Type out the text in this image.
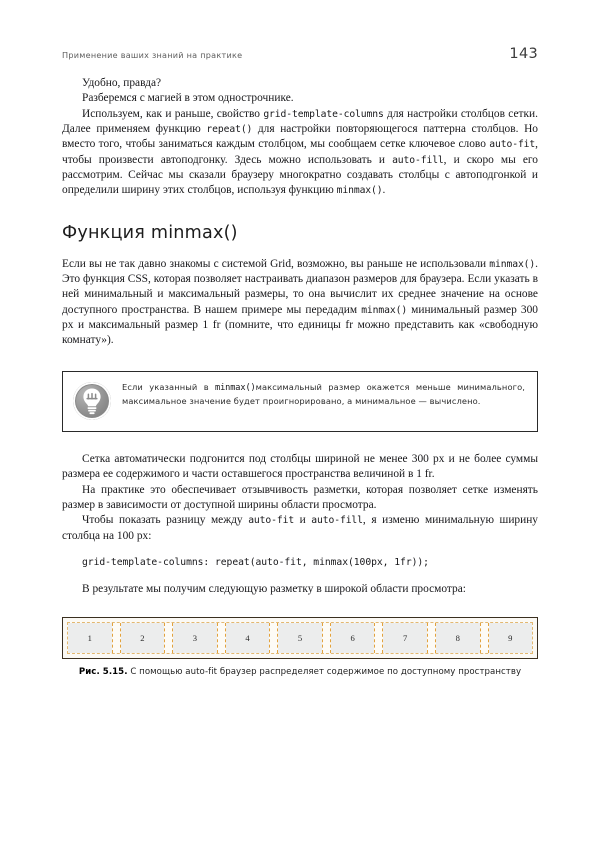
Применение ваших знаний на практике	143

Удобно, правда?

Разберемся с магией в этом однострочнике.

Используем, как и раньше, свойство grid-template-columns для настройки столбцов сетки. Далее применяем функцию repeat() для настройки повторяющегося паттерна столбцов. Но вместо того, чтобы заниматься каждым столбцом, мы сообщаем сетке ключевое слово auto-fit, чтобы произвести автоподгонку. Здесь можно использовать и auto-fill, и скоро мы его рассмотрим. Сейчас мы сказали браузеру многократно создавать столбцы с автоподгонкой и определили ширину этих столбцов, используя функцию minmax().

Функция minmax()

Если вы не так давно знакомы с системой Grid, возможно, вы раньше не использовали minmax(). Это функция CSS, которая позволяет настраивать диапазон размеров для браузера. Если указать в ней минимальный и максимальный размеры, то она вычислит их среднее значение на основе доступного пространства. В нашем примере мы передадим minmax() минимальный размер 300 px и максимальный размер 1 fr (помните, что единицы fr можно представить как «свободную комнату»).

Если указанный в minmax()максимальный размер окажется меньше минимального, максимальное значение будет проигнорировано, а минимальное — вычислено.

Сетка автоматически подгонится под столбцы шириной не менее 300 px и не более суммы размера ее содержимого и части оставшегося пространства величиной в 1 fr.

На практике это обеспечивает отзывчивость разметки, которая позволяет сетке изменять размер в зависимости от доступной ширины области просмотра.

Чтобы показать разницу между auto-fit и auto-fill, я изменю минимальную ширину столбца на 100 px:

grid-template-columns: repeat(auto-fit, minmax(100px, 1fr));

В результате мы получим следующую разметку в широкой области просмотра:

1	2	3	4	5	6	7	8	9
Рис. 5.15. С помощью auto-fit браузер распределяет содержимое по доступному пространству
